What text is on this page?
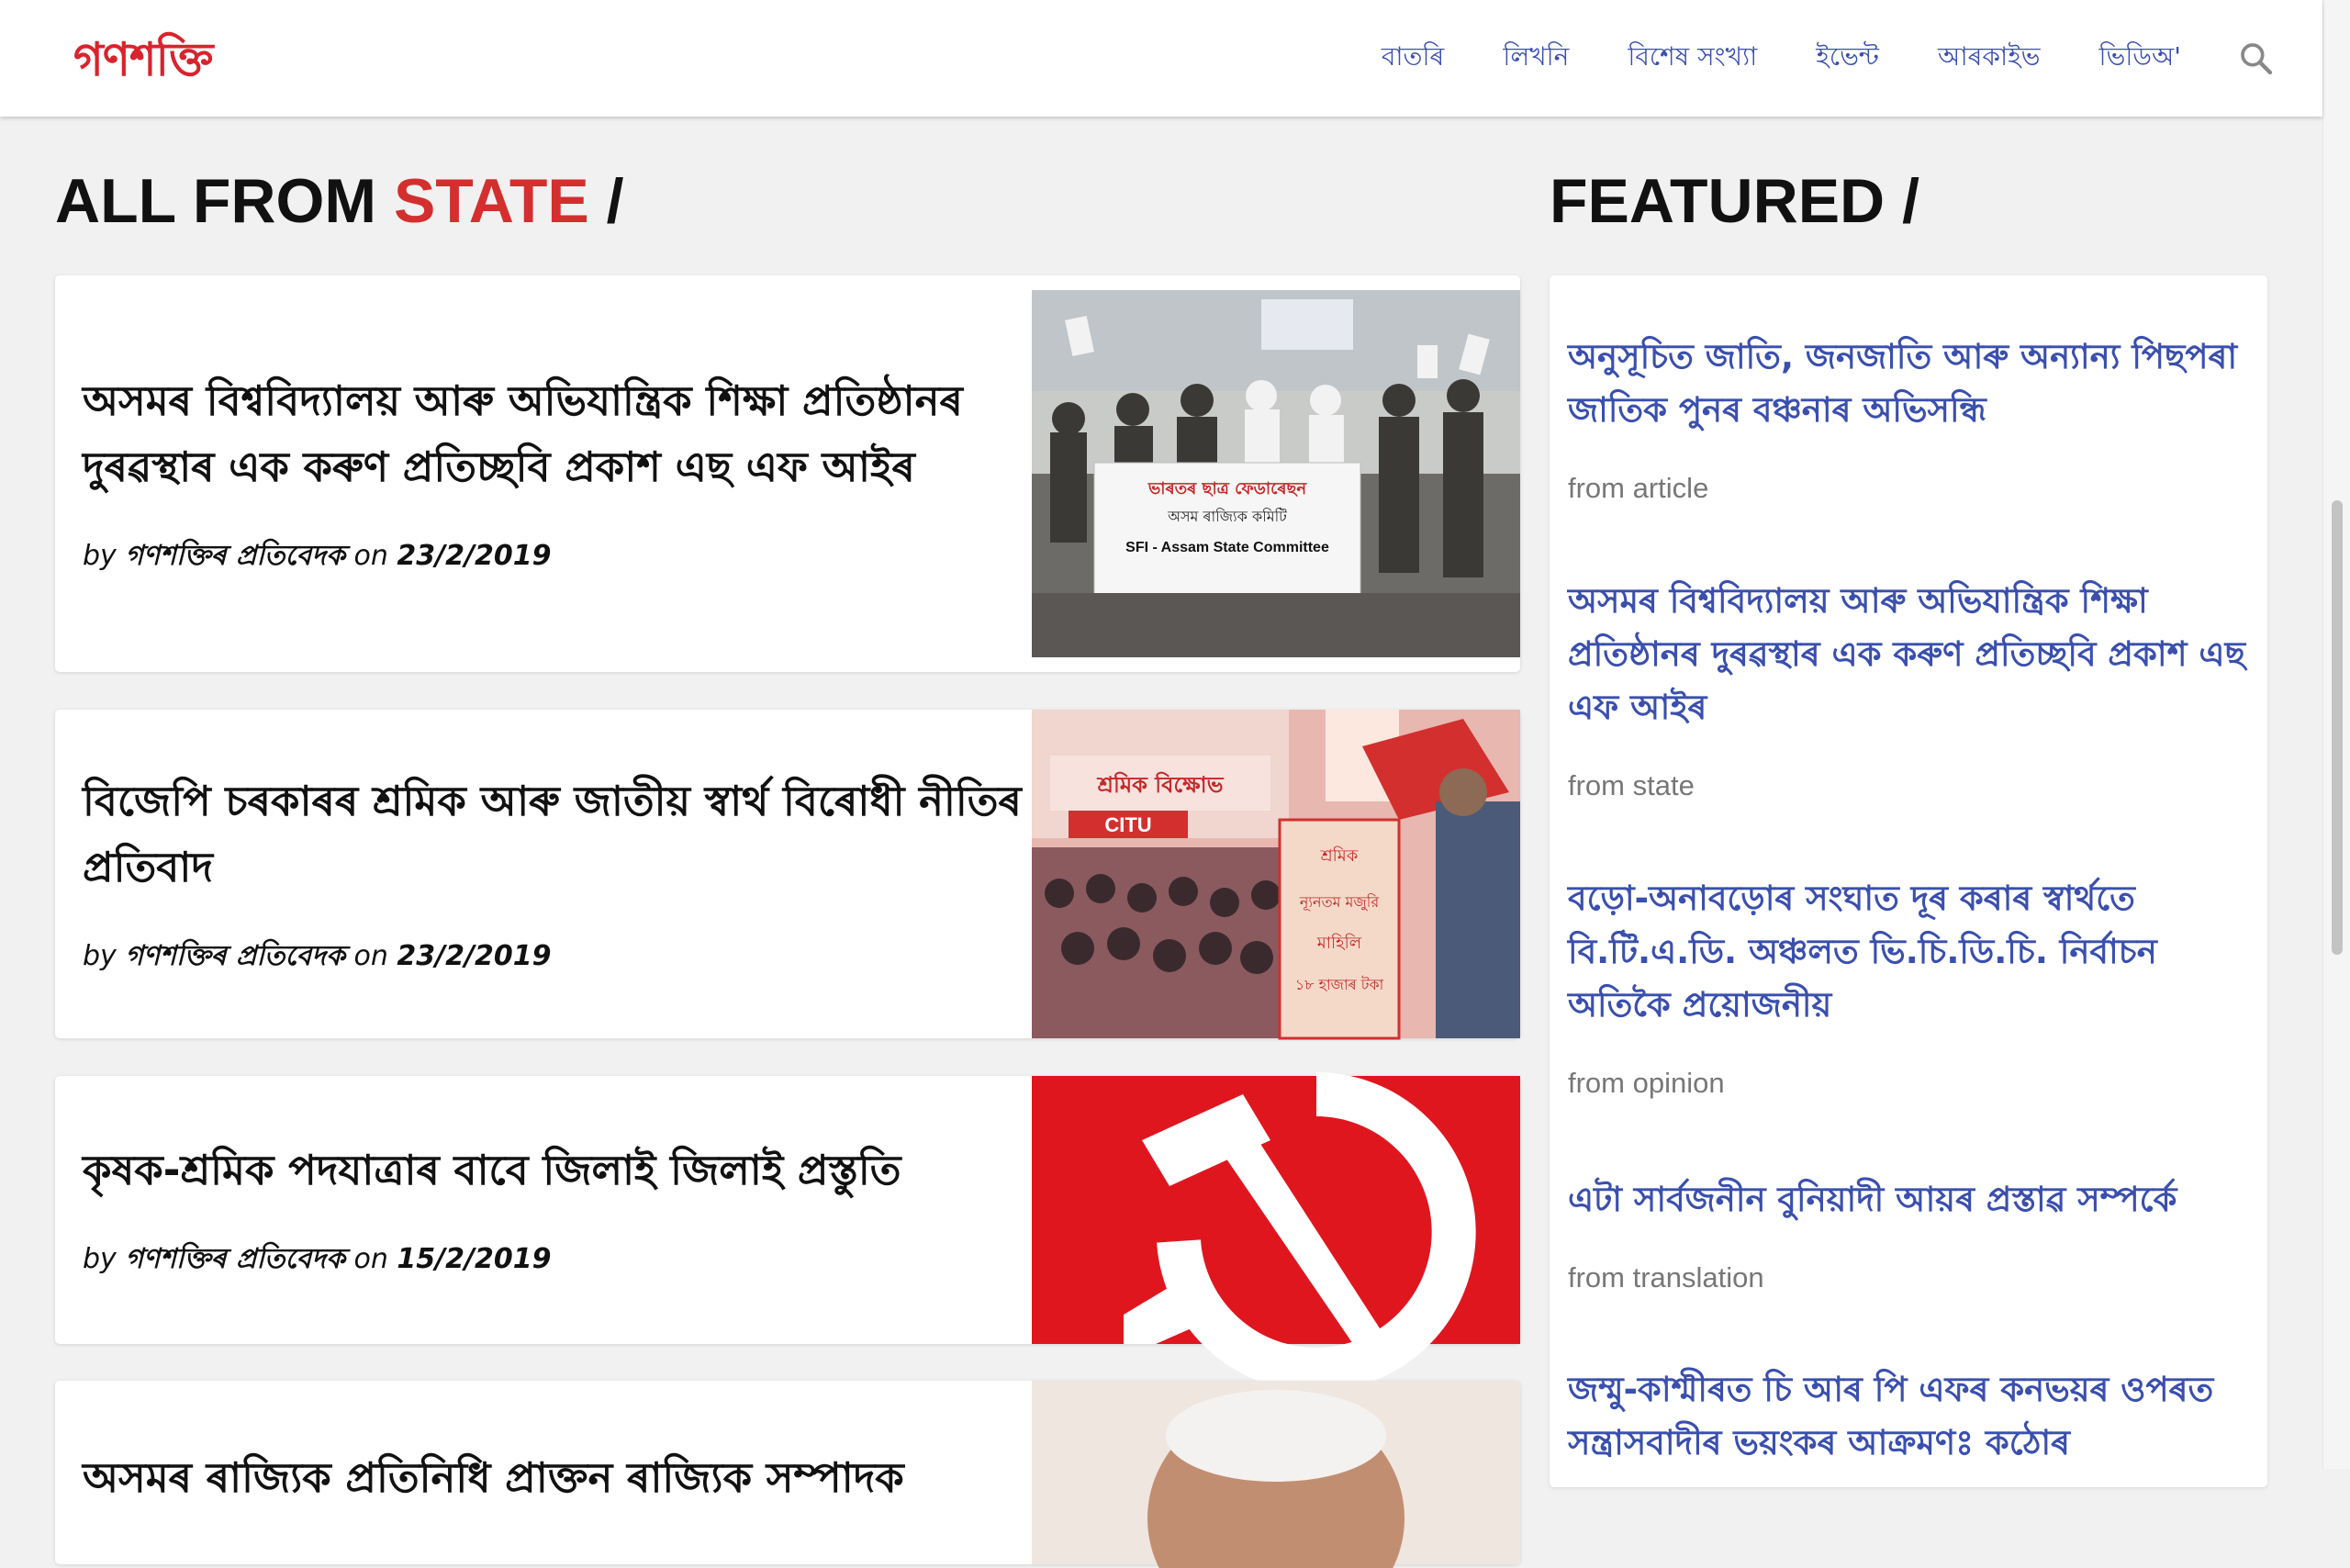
গণশক্তি	বাতৰি লিখনি বিশেষ সংখ্যা ইভেন্ট আৰকাইভ ভিডিঅ'
ALL FROM STATE /	FEATURED /
অসমৰ বিশ্ববিদ্যালয় আৰু অভিযান্ত্রিক শিক্ষা প্রতিষ্ঠানৰ দুৰৱস্থাৰ এক কৰুণ প্রতিচ্ছবি প্রকাশ এছ এফ আইৰ
by গণশক্তিৰ প্ৰতিবেদক on 23/2/2019
ভাৰতৰ ছাত্ৰ ফেডাৰেছন
অসম ৰাজ্যিক কমিটি
SFI - Assam State Committee
বিজেপি চৰকাৰৰ শ্ৰমিক আৰু জাতীয় স্বাৰ্থ বিৰোধী নীতিৰ প্ৰতিবাদ
by গণশক্তিৰ প্ৰতিবেদক on 23/2/2019
শ্রমিক বিক্ষোভ
CITU
শ্রমিক
ন্যূনতম মজুরি
মাহিলি
১৮ হাজাৰ টকা
কৃষক-শ্ৰমিক পদযাত্ৰাৰ বাবে জিলাই জিলাই প্ৰস্তুতি
by গণশক্তিৰ প্ৰতিবেদক on 15/2/2019
অসমৰ ৰাজ্যিক প্ৰতিনিধি প্ৰাক্তন ৰাজ্যিক সম্পাদক
অনুসূচিত জাতি, জনজাতি আৰু অন্যান্য পিছপৰা জাতিক পুনৰ বঞ্চনাৰ অভিসন্ধি
from article
অসমৰ বিশ্ববিদ্যালয় আৰু অভিযান্ত্রিক শিক্ষা প্রতিষ্ঠানৰ দুৰৱস্থাৰ এক কৰুণ প্রতিচ্ছবি প্রকাশ এছ এফ আইৰ
from state
বড়ো-অনাবড়োৰ সংঘাত দূৰ কৰাৰ স্বাৰ্থতে বি.টি.এ.ডি. অঞ্চলত ভি.চি.ডি.চি. নিৰ্বাচন অতিকৈ প্ৰয়োজনীয়
from opinion
এটা সাৰ্বজনীন বুনিয়াদী আয়ৰ প্ৰস্তাৱ সম্পৰ্কে
from translation
জম্মু-কাশ্মীৰত চি আৰ পি এফৰ কনভয়ৰ ওপৰত সন্ত্ৰাসবাদীৰ ভয়ংকৰ আক্ৰমণঃ কঠোৰ
